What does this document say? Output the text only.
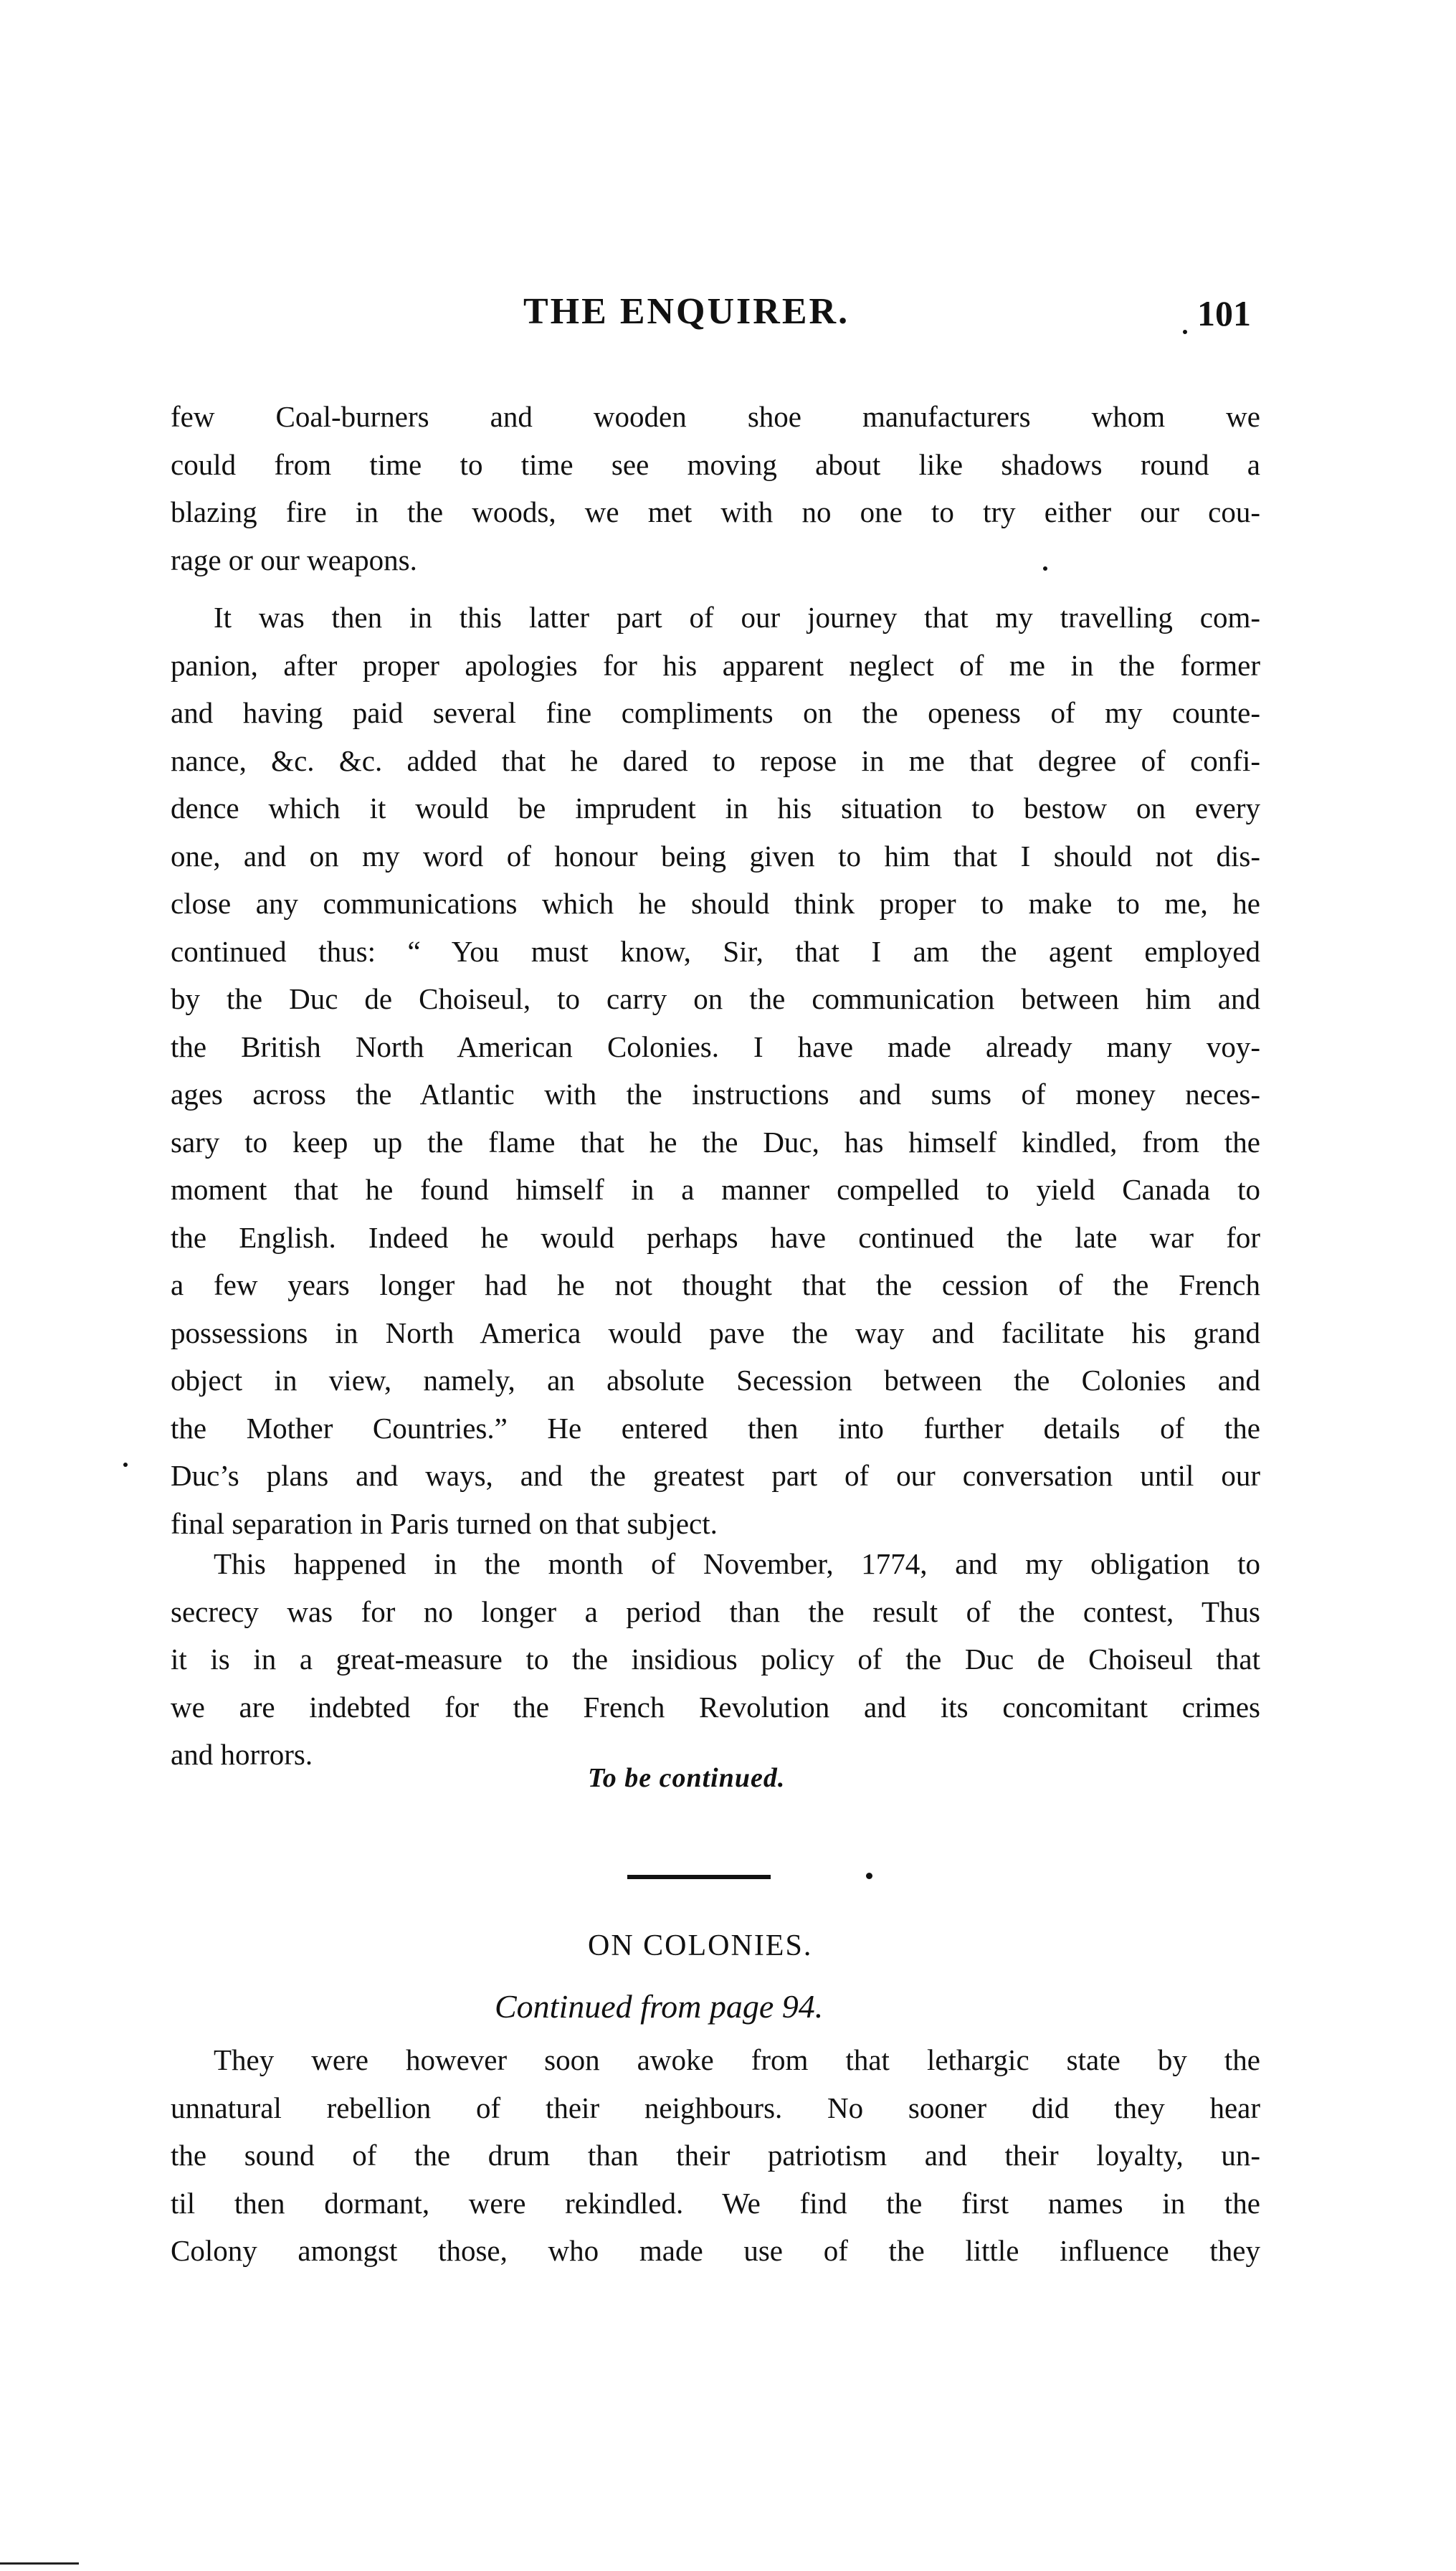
THE ENQUIRER.	101
few Coal-burners and wooden shoe manufacturers whom we
could from time to time see moving about like shadows round a
blazing fire in the woods, we met with no one to try either our cou-
rage or our weapons.
It was then in this latter part of our journey that my travelling com-
panion, after proper apologies for his apparent neglect of me in the former
and having paid several fine compliments on the openess of my counte-
nance, &c. &c. added that he dared to repose in me that degree of confi-
dence which it would be imprudent in his situation to bestow on every
one, and on my word of honour being given to him that I should not dis-
close any communications which he should think proper to make to me, he
continued thus: “ You must know, Sir, that I am the agent employed
by the Duc de Choiseul, to carry on the communication between him and
the British North American Colonies. I have made already many voy-
ages across the Atlantic with the instructions and sums of money neces-
sary to keep up the flame that he the Duc, has himself kindled, from the
moment that he found himself in a manner compelled to yield Canada to
the English. Indeed he would perhaps have continued the late war for
a few years longer had he not thought that the cession of the French
possessions in North America would pave the way and facilitate his grand
object in view, namely, an absolute Secession between the Colonies and
the Mother Countries.” He entered then into further details of the
Duc’s plans and ways, and the greatest part of our conversation until our
final separation in Paris turned on that subject.
This happened in the month of November, 1774, and my obligation to
secrecy was for no longer a period than the result of the contest, Thus
it is in a great-measure to the insidious policy of the Duc de Choiseul that
we are indebted for the French Revolution and its concomitant crimes
and horrors.
To be continued.
ON COLONIES.
Continued from page 94.
They were however soon awoke from that lethargic state by the
unnatural rebellion of their neighbours. No sooner did they hear
the sound of the drum than their patriotism and their loyalty, un-
til then dormant, were rekindled. We find the first names in the
Colony amongst those, who made use of the little influence they
